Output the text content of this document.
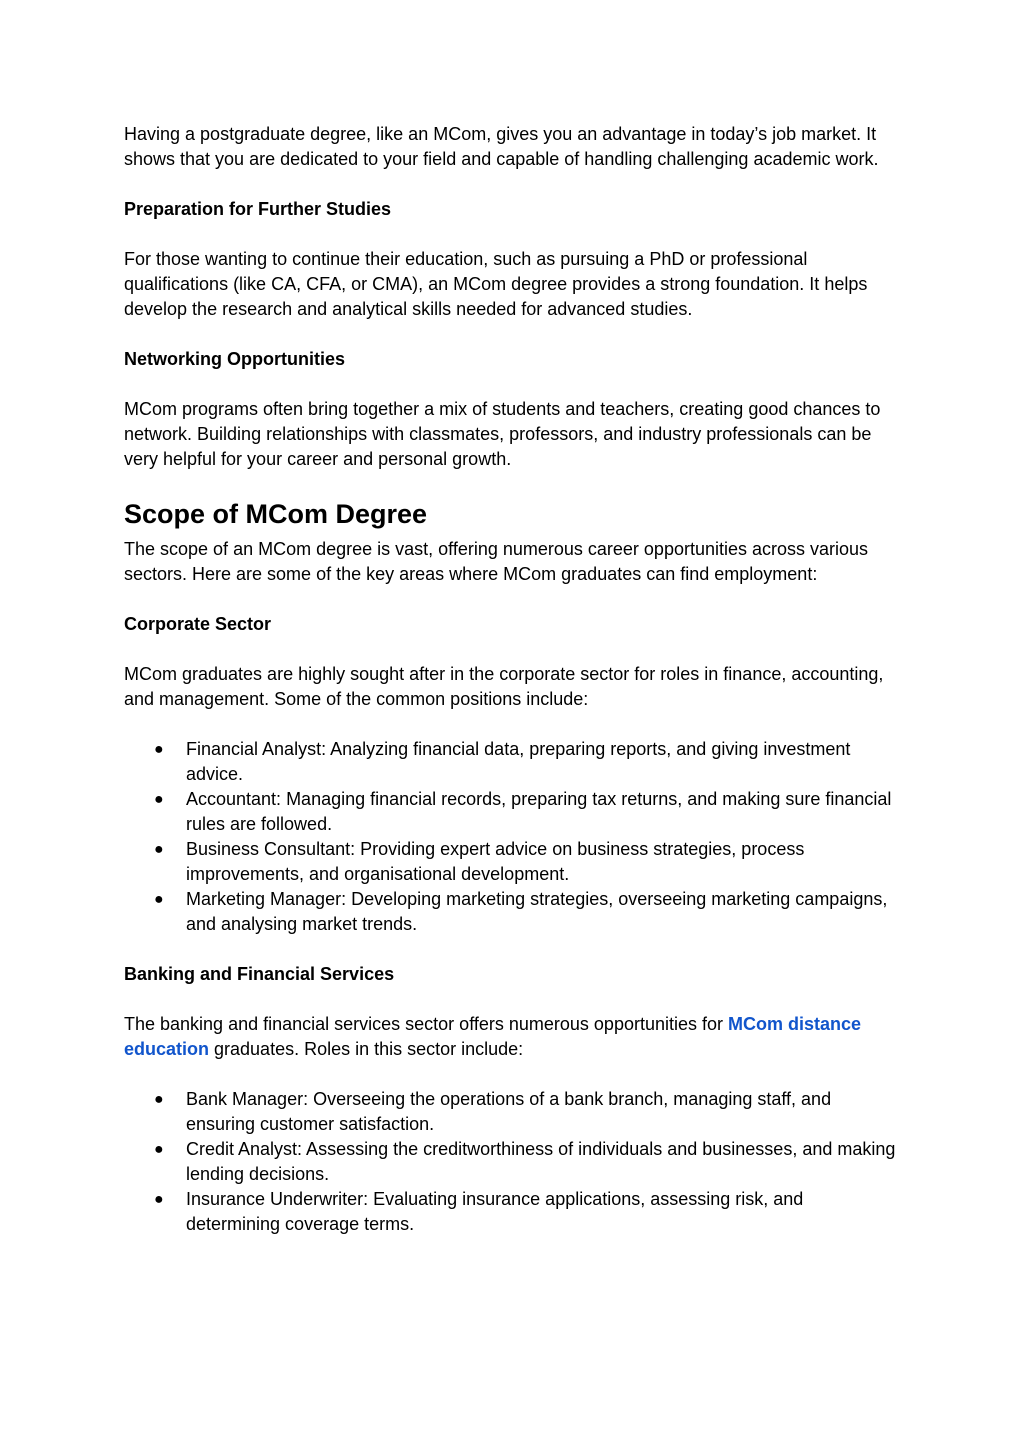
Having a postgraduate degree, like an MCom, gives you an advantage in today’s job market. It shows that you are dedicated to your field and capable of handling challenging academic work.

Preparation for Further Studies

For those wanting to continue their education, such as pursuing a PhD or professional qualifications (like CA, CFA, or CMA), an MCom degree provides a strong foundation. It helps develop the research and analytical skills needed for advanced studies.

Networking Opportunities

MCom programs often bring together a mix of students and teachers, creating good chances to network. Building relationships with classmates, professors, and industry professionals can be very helpful for your career and personal growth.

Scope of MCom Degree

The scope of an MCom degree is vast, offering numerous career opportunities across various sectors. Here are some of the key areas where MCom graduates can find employment:

Corporate Sector

MCom graduates are highly sought after in the corporate sector for roles in finance, accounting, and management. Some of the common positions include:

● Financial Analyst: Analyzing financial data, preparing reports, and giving investment advice.
● Accountant: Managing financial records, preparing tax returns, and making sure financial rules are followed.
● Business Consultant: Providing expert advice on business strategies, process improvements, and organisational development.
● Marketing Manager: Developing marketing strategies, overseeing marketing campaigns, and analysing market trends.
Banking and Financial Services

The banking and financial services sector offers numerous opportunities for MCom distance education graduates. Roles in this sector include:

● Bank Manager: Overseeing the operations of a bank branch, managing staff, and ensuring customer satisfaction.
● Credit Analyst: Assessing the creditworthiness of individuals and businesses, and making lending decisions.
● Insurance Underwriter: Evaluating insurance applications, assessing risk, and determining coverage terms.
